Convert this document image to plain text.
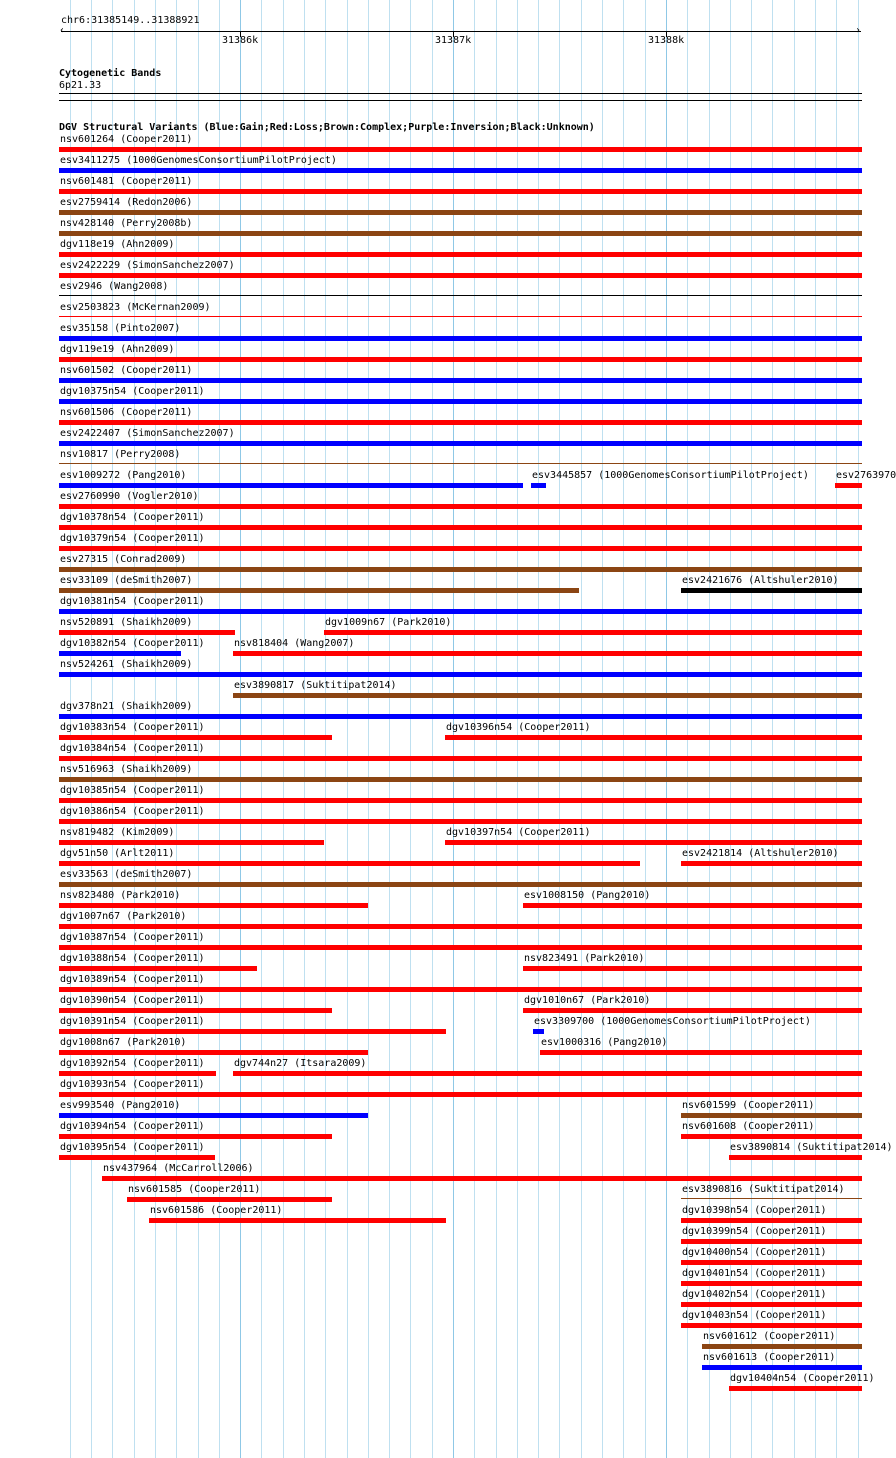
chr6:31385149..31388921
‹	›
31386k	31387k	31388k
Cytogenetic Bands
6p21.33
DGV Structural Variants (Blue:Gain;Red:Loss;Brown:Complex;Purple:Inversion;Black:Unknown)
nsv601264 (Cooper2011)
esv3411275 (1000GenomesConsortiumPilotProject)
nsv601481 (Cooper2011)
esv2759414 (Redon2006)
nsv428140 (Perry2008b)
dgv118e19 (Ahn2009)
esv2422229 (SimonSanchez2007)
esv2946 (Wang2008)
esv2503823 (McKernan2009)
esv35158 (Pinto2007)
dgv119e19 (Ahn2009)
nsv601502 (Cooper2011)
dgv10375n54 (Cooper2011)
nsv601506 (Cooper2011)
esv2422407 (SimonSanchez2007)
nsv10817 (Perry2008)
esv1009272 (Pang2010)	esv3445857 (1000GenomesConsortiumPilotProject)	esv2763970
esv2760990 (Vogler2010)
dgv10378n54 (Cooper2011)
dgv10379n54 (Cooper2011)
esv27315 (Conrad2009)
esv33109 (deSmith2007)	esv2421676 (Altshuler2010)
dgv10381n54 (Cooper2011)
nsv520891 (Shaikh2009)	dgv1009n67 (Park2010)
dgv10382n54 (Cooper2011)	nsv818404 (Wang2007)
nsv524261 (Shaikh2009)
esv3890817 (Suktitipat2014)
dgv378n21 (Shaikh2009)
dgv10383n54 (Cooper2011)	dgv10396n54 (Cooper2011)
dgv10384n54 (Cooper2011)
nsv516963 (Shaikh2009)
dgv10385n54 (Cooper2011)
dgv10386n54 (Cooper2011)
nsv819482 (Kim2009)	dgv10397n54 (Cooper2011)
dgv51n50 (Arlt2011)	esv2421814 (Altshuler2010)
esv33563 (deSmith2007)
nsv823480 (Park2010)	esv1008150 (Pang2010)
dgv1007n67 (Park2010)
dgv10387n54 (Cooper2011)
dgv10388n54 (Cooper2011)	nsv823491 (Park2010)
dgv10389n54 (Cooper2011)
dgv10390n54 (Cooper2011)	dgv1010n67 (Park2010)
dgv10391n54 (Cooper2011)	esv3309700 (1000GenomesConsortiumPilotProject)
dgv1008n67 (Park2010)	esv1000316 (Pang2010)
dgv10392n54 (Cooper2011)	dgv744n27 (Itsara2009)
dgv10393n54 (Cooper2011)
esv993540 (Pang2010)	nsv601599 (Cooper2011)
dgv10394n54 (Cooper2011)	nsv601608 (Cooper2011)
dgv10395n54 (Cooper2011)	esv3890814 (Suktitipat2014)
nsv437964 (McCarroll2006)
nsv601585 (Cooper2011)	esv3890816 (Suktitipat2014)
nsv601586 (Cooper2011)	dgv10398n54 (Cooper2011)
dgv10399n54 (Cooper2011)
dgv10400n54 (Cooper2011)
dgv10401n54 (Cooper2011)
dgv10402n54 (Cooper2011)
dgv10403n54 (Cooper2011)
nsv601612 (Cooper2011)
nsv601613 (Cooper2011)
dgv10404n54 (Cooper2011)
